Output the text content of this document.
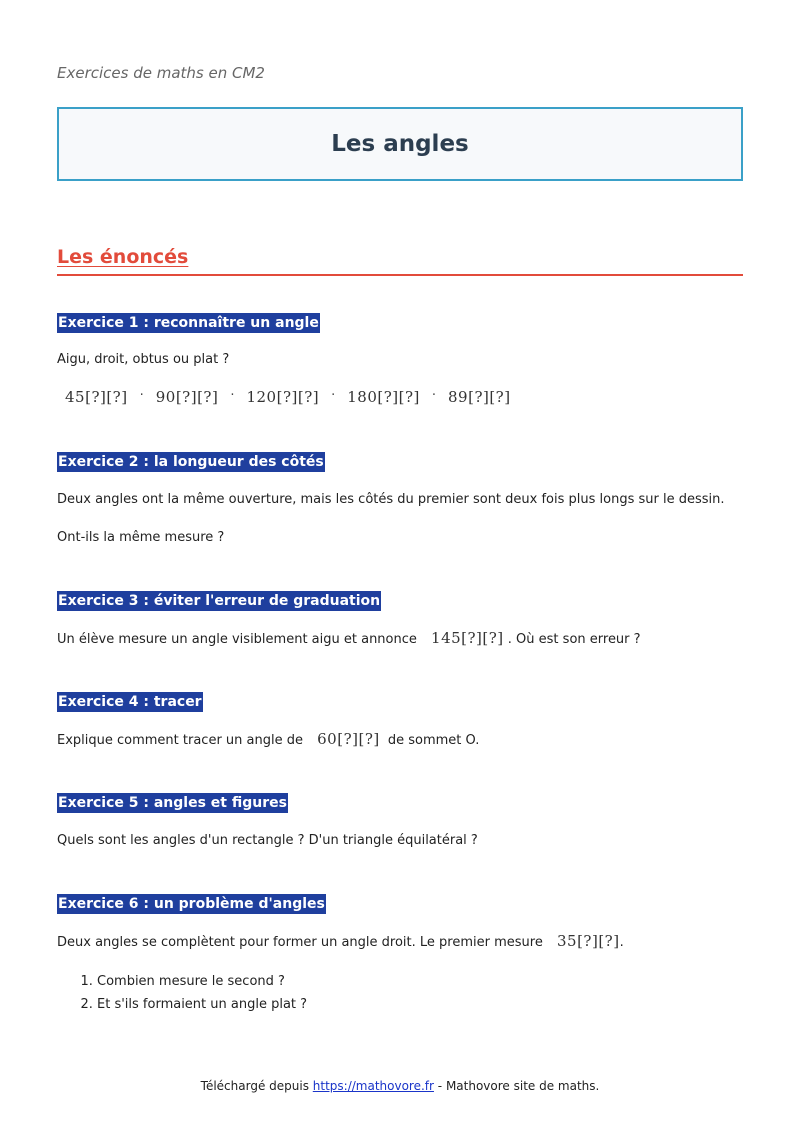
Exercices de maths en CM2
Les angles
Les énoncés
Exercice 1 : reconnaître un angle
Aigu, droit, obtus ou plat ?
45[?][?] · 90[?][?] · 120[?][?] · 180[?][?] · 89[?][?]
Exercice 2 : la longueur des côtés
Deux angles ont la même ouverture, mais les côtés du premier sont deux fois plus longs sur le dessin.
Ont-ils la même mesure ?
Exercice 3 : éviter l'erreur de graduation
Un élève mesure un angle visiblement aigu et annonce 145[?][?] . Où est son erreur ?
Exercice 4 : tracer
Explique comment tracer un angle de 60[?][?] de sommet O.
Exercice 5 : angles et figures
Quels sont les angles d'un rectangle ? D'un triangle équilatéral ?
Exercice 6 : un problème d'angles
Deux angles se complètent pour former un angle droit. Le premier mesure 35[?][?].
1. Combien mesure le second ?
2. Et s'ils formaient un angle plat ?
Téléchargé depuis https://mathovore.fr - Mathovore site de maths.
